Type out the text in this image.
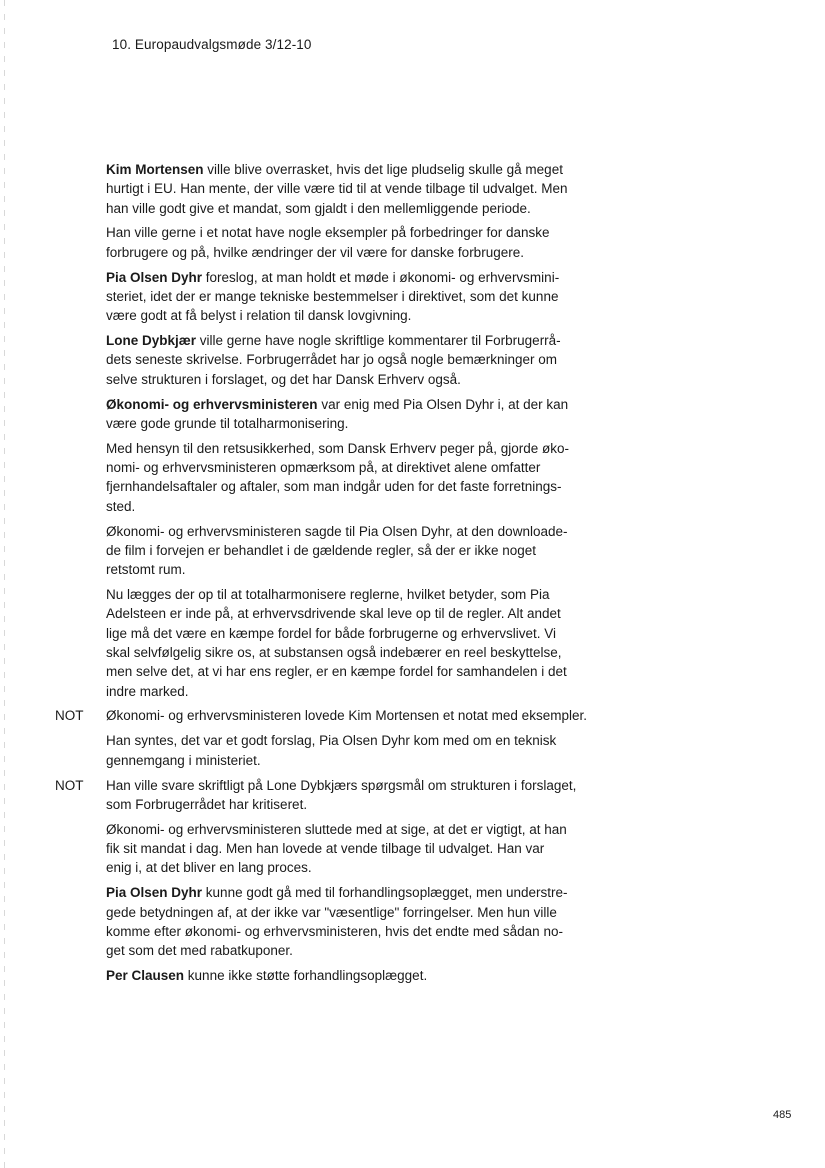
10. Europaudvalgsmøde 3/12-10
Kim Mortensen ville blive overrasket, hvis det lige pludselig skulle gå meget
hurtigt i EU. Han mente, der ville være tid til at vende tilbage til udvalget. Men
han ville godt give et mandat, som gjaldt i den mellemliggende periode.
Han ville gerne i et notat have nogle eksempler på forbedringer for danske
forbrugere og på, hvilke ændringer der vil være for danske forbrugere.
Pia Olsen Dyhr foreslog, at man holdt et møde i økonomi- og erhvervsmini-
steriet, idet der er mange tekniske bestemmelser i direktivet, som det kunne
være godt at få belyst i relation til dansk lovgivning.
Lone Dybkjær ville gerne have nogle skriftlige kommentarer til Forbrugerrå-
dets seneste skrivelse. Forbrugerrådet har jo også nogle bemærkninger om
selve strukturen i forslaget, og det har Dansk Erhverv også.
Økonomi- og erhvervsministeren var enig med Pia Olsen Dyhr i, at der kan
være gode grunde til totalharmonisering.
Med hensyn til den retsusikkerhed, som Dansk Erhverv peger på, gjorde øko-
nomi- og erhvervsministeren opmærksom på, at direktivet alene omfatter
fjernhandelsaftaler og aftaler, som man indgår uden for det faste forretnings-
sted.
Økonomi- og erhvervsministeren sagde til Pia Olsen Dyhr, at den downloade-
de film i forvejen er behandlet i de gældende regler, så der er ikke noget
retstomt rum.
Nu lægges der op til at totalharmonisere reglerne, hvilket betyder, som Pia
Adelsteen er inde på, at erhvervsdrivende skal leve op til de regler. Alt andet
lige må det være en kæmpe fordel for både forbrugerne og erhvervslivet. Vi
skal selvfølgelig sikre os, at substansen også indebærer en reel beskyttelse,
men selve det, at vi har ens regler, er en kæmpe fordel for samhandelen i det
indre marked.
NOT Økonomi- og erhvervsministeren lovede Kim Mortensen et notat med eksempler.
Han syntes, det var et godt forslag, Pia Olsen Dyhr kom med om en teknisk
gennemgang i ministeriet.
NOT Han ville svare skriftligt på Lone Dybkjærs spørgsmål om strukturen i forslaget,
som Forbrugerrådet har kritiseret.
Økonomi- og erhvervsministeren sluttede med at sige, at det er vigtigt, at han
fik sit mandat i dag. Men han lovede at vende tilbage til udvalget. Han var
enig i, at det bliver en lang proces.
Pia Olsen Dyhr kunne godt gå med til forhandlingsoplægget, men understre-
gede betydningen af, at der ikke var "væsentlige" forringelser. Men hun ville
komme efter økonomi- og erhvervsministeren, hvis det endte med sådan no-
get som det med rabatkuponer.
Per Clausen kunne ikke støtte forhandlingsoplægget.
485
